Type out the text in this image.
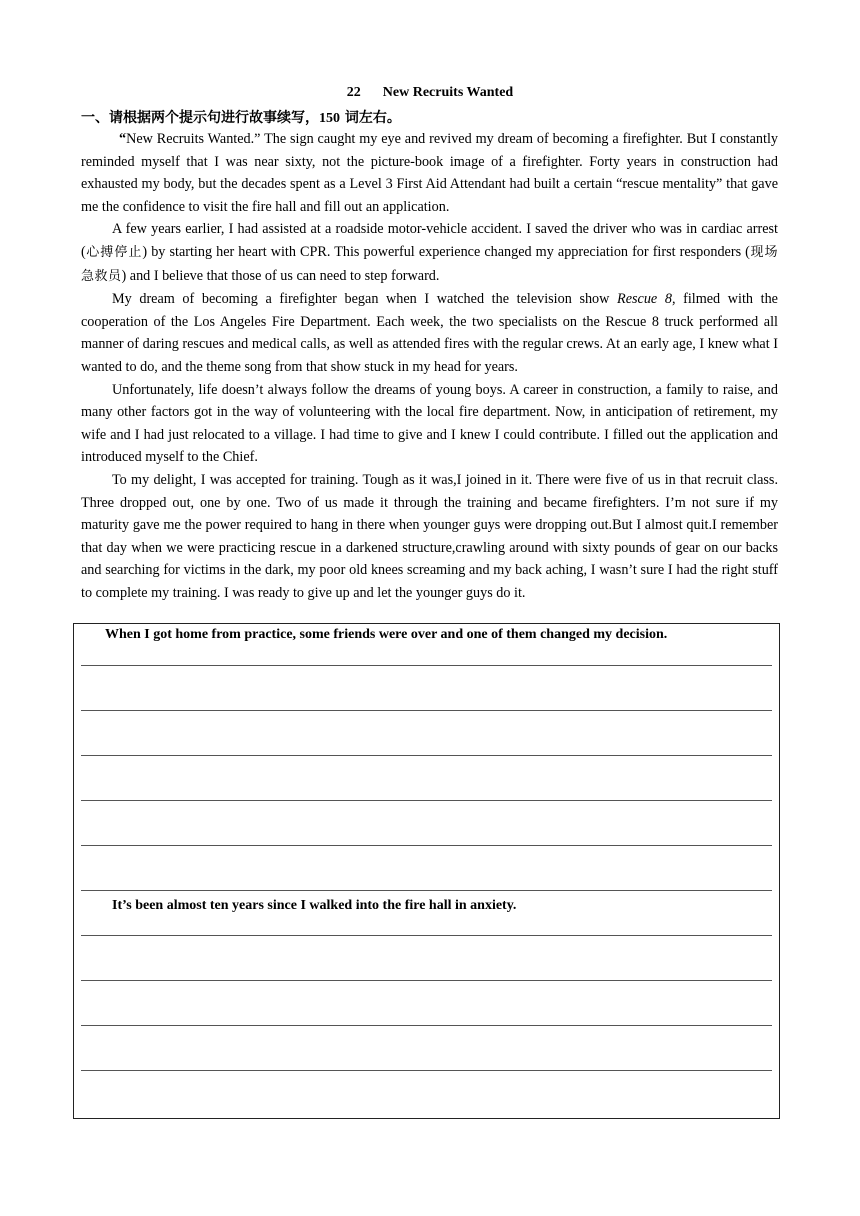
22 New Recruits Wanted
一、请根据两个提示句进行故事续写，150 词左右。

“New Recruits Wanted.” The sign caught my eye and revived my dream of becoming a firefighter. But I constantly reminded myself that I was near sixty, not the picture-book image of a firefighter. Forty years in construction had exhausted my body, but the decades spent as a Level 3 First Aid Attendant had built a certain “rescue mentality” that gave me the confidence to visit the fire hall and fill out an application.

A few years earlier, I had assisted at a roadside motor-vehicle accident. I saved the driver who was in cardiac arrest (心搏停止) by starting her heart with CPR. This powerful experience changed my appreciation for first responders (现场急救员) and I believe that those of us can need to step forward.

My dream of becoming a firefighter began when I watched the television show Rescue 8, filmed with the cooperation of the Los Angeles Fire Department. Each week, the two specialists on the Rescue 8 truck performed all manner of daring rescues and medical calls, as well as attended fires with the regular crews. At an early age, I knew what I wanted to do, and the theme song from that show stuck in my head for years.

Unfortunately, life doesn’t always follow the dreams of young boys. A career in construction, a family to raise, and many other factors got in the way of volunteering with the local fire department. Now, in anticipation of retirement, my wife and I had just relocated to a village. I had time to give and I knew I could contribute. I filled out the application and introduced myself to the Chief.

To my delight, I was accepted for training. Tough as it was,I joined in it. There were five of us in that recruit class. Three dropped out, one by one. Two of us made it through the training and became firefighters. I’m not sure if my maturity gave me the power required to hang in there when younger guys were dropping out.But I almost quit.I remember that day when we were practicing rescue in a darkened structure,crawling around with sixty pounds of gear on our backs and searching for victims in the dark, my poor old knees screaming and my back aching, I wasn’t sure I had the right stuff to complete my training. I was ready to give up and let the younger guys do it.

When I got home from practice, some friends were over and one of them changed my decision.
It’s been almost ten years since I walked into the fire hall in anxiety.
